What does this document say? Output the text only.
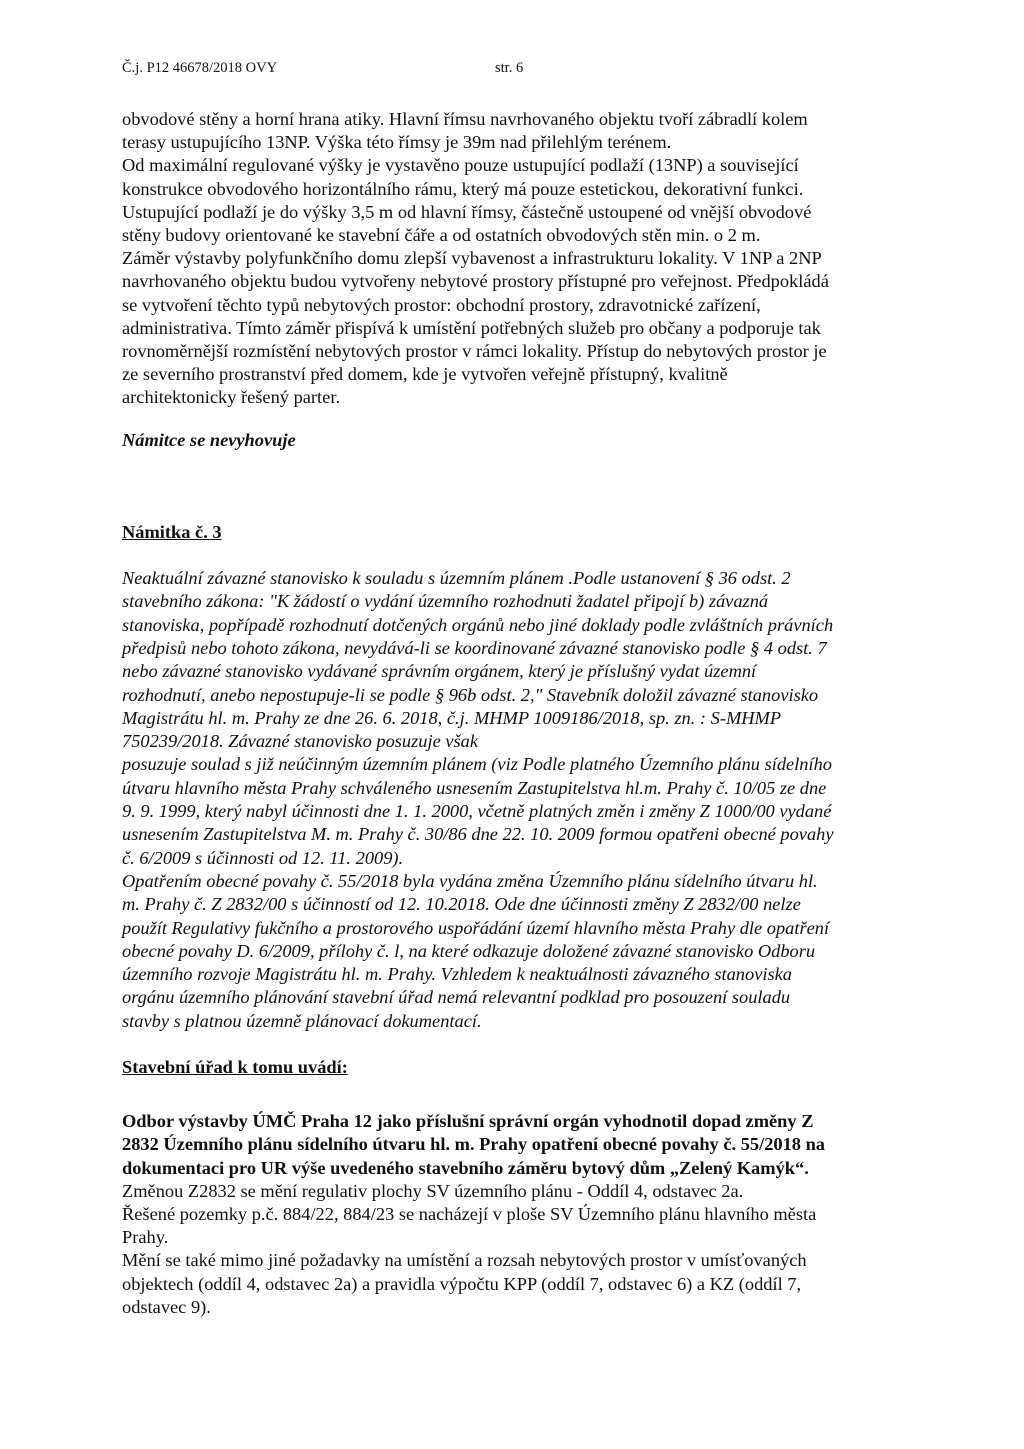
Č.j. P12 46678/2018 OVY	str. 6

obvodové stěny a horní hrana atiky. Hlavní římsu navrhovaného objektu tvoří zábradlí kolem
terasy ustupujícího 13NP. Výška této římsy je 39m nad přilehlým terénem.
Od maximální regulované výšky je vystavěno pouze ustupující podlaží (13NP) a související
konstrukce obvodového horizontálního rámu, který má pouze estetickou, dekorativní funkci.
Ustupující podlaží je do výšky 3,5 m od hlavní římsy, částečně ustoupené od vnější obvodové
stěny budovy orientované ke stavební čáře a od ostatních obvodových stěn min. o 2 m.
Záměr výstavby polyfunkčního domu zlepší vybavenost a infrastrukturu lokality. V 1NP a 2NP
navrhovaného objektu budou vytvořeny nebytové prostory přístupné pro veřejnost. Předpokládá
se vytvoření těchto typů nebytových prostor: obchodní prostory, zdravotnické zařízení,
administrativa. Tímto záměr přispívá k umístění potřebných služeb pro občany a podporuje tak
rovnoměrnější rozmístění nebytových prostor v rámci lokality. Přístup do nebytových prostor je
ze severního prostranství před domem, kde je vytvořen veřejně přístupný, kvalitně
architektonicky řešený parter.

Námitce se nevyhovuje

Námitka č. 3

Neaktuální závazné stanovisko k souladu s územním plánem .Podle ustanovení § 36 odst. 2
stavebního zákona: "K žádostí o vydání územního rozhodnuti žadatel připojí b) závazná
stanoviska, popřípadě rozhodnutí dotčených orgánů nebo jiné doklady podle zvláštních právních
předpisů nebo tohoto zákona, nevydává-li se koordinované závazné stanovisko podle § 4 odst. 7
nebo závazné stanovisko vydávané správním orgánem, který je příslušný vydat územní
rozhodnutí, anebo nepostupuje-li se podle § 96b odst. 2," Stavebník doložil závazné stanovisko
Magistrátu hl. m. Prahy ze dne 26. 6. 2018, č.j. MHMP 1009186/2018, sp. zn. : S-MHMP
750239/2018. Závazné stanovisko posuzuje však
posuzuje soulad s již neúčinným územním plánem (viz Podle platného Územního plánu sídelního
útvaru hlavního města Prahy schváleného usnesením Zastupitelstva hl.m. Prahy č. 10/05 ze dne
9. 9. 1999, který nabyl účinnosti dne 1. 1. 2000, včetně platných změn i změny Z 1000/00 vydané
usnesením Zastupitelstva M. m. Prahy č. 30/86 dne 22. 10. 2009 formou opatřeni obecné povahy
č. 6/2009 s účinnosti od 12. 11. 2009).
Opatřením obecné povahy č. 55/2018 byla vydána změna Územního plánu sídelního útvaru hl.
m. Prahy č. Z 2832/00 s účinností od 12. 10.2018. Ode dne účinnosti změny Z 2832/00 nelze
použít Regulativy fukčního a prostorového uspořádání území hlavního města Prahy dle opatření
obecné povahy D. 6/2009, přílohy č. l, na které odkazuje doložené závazné stanovisko Odboru
územního rozvoje Magistrátu hl. m. Prahy. Vzhledem k neaktuálnosti závazného stanoviska
orgánu územního plánování stavební úřad nemá relevantní podklad pro posouzení souladu
stavby s platnou územně plánovací dokumentací.

Stavební úřad k tomu uvádí:

Odbor výstavby ÚMČ Praha 12 jako příslušní správní orgán vyhodnotil dopad změny Z
2832 Územního plánu sídelního útvaru hl. m. Prahy opatření obecné povahy č. 55/2018 na
dokumentaci pro UR výše uvedeného stavebního záměru bytový dům „Zelený Kamýk“.

Změnou Z2832 se mění regulativ plochy SV územního plánu - Oddíl 4, odstavec 2a.
Řešené pozemky p.č. 884/22, 884/23 se nacházejí v ploše SV Územního plánu hlavního města
Prahy.
Mění se také mimo jiné požadavky na umístění a rozsah nebytových prostor v umísťovaných
objektech (oddíl 4, odstavec 2a) a pravidla výpočtu KPP (oddíl 7, odstavec 6) a KZ (oddíl 7,
odstavec 9).
